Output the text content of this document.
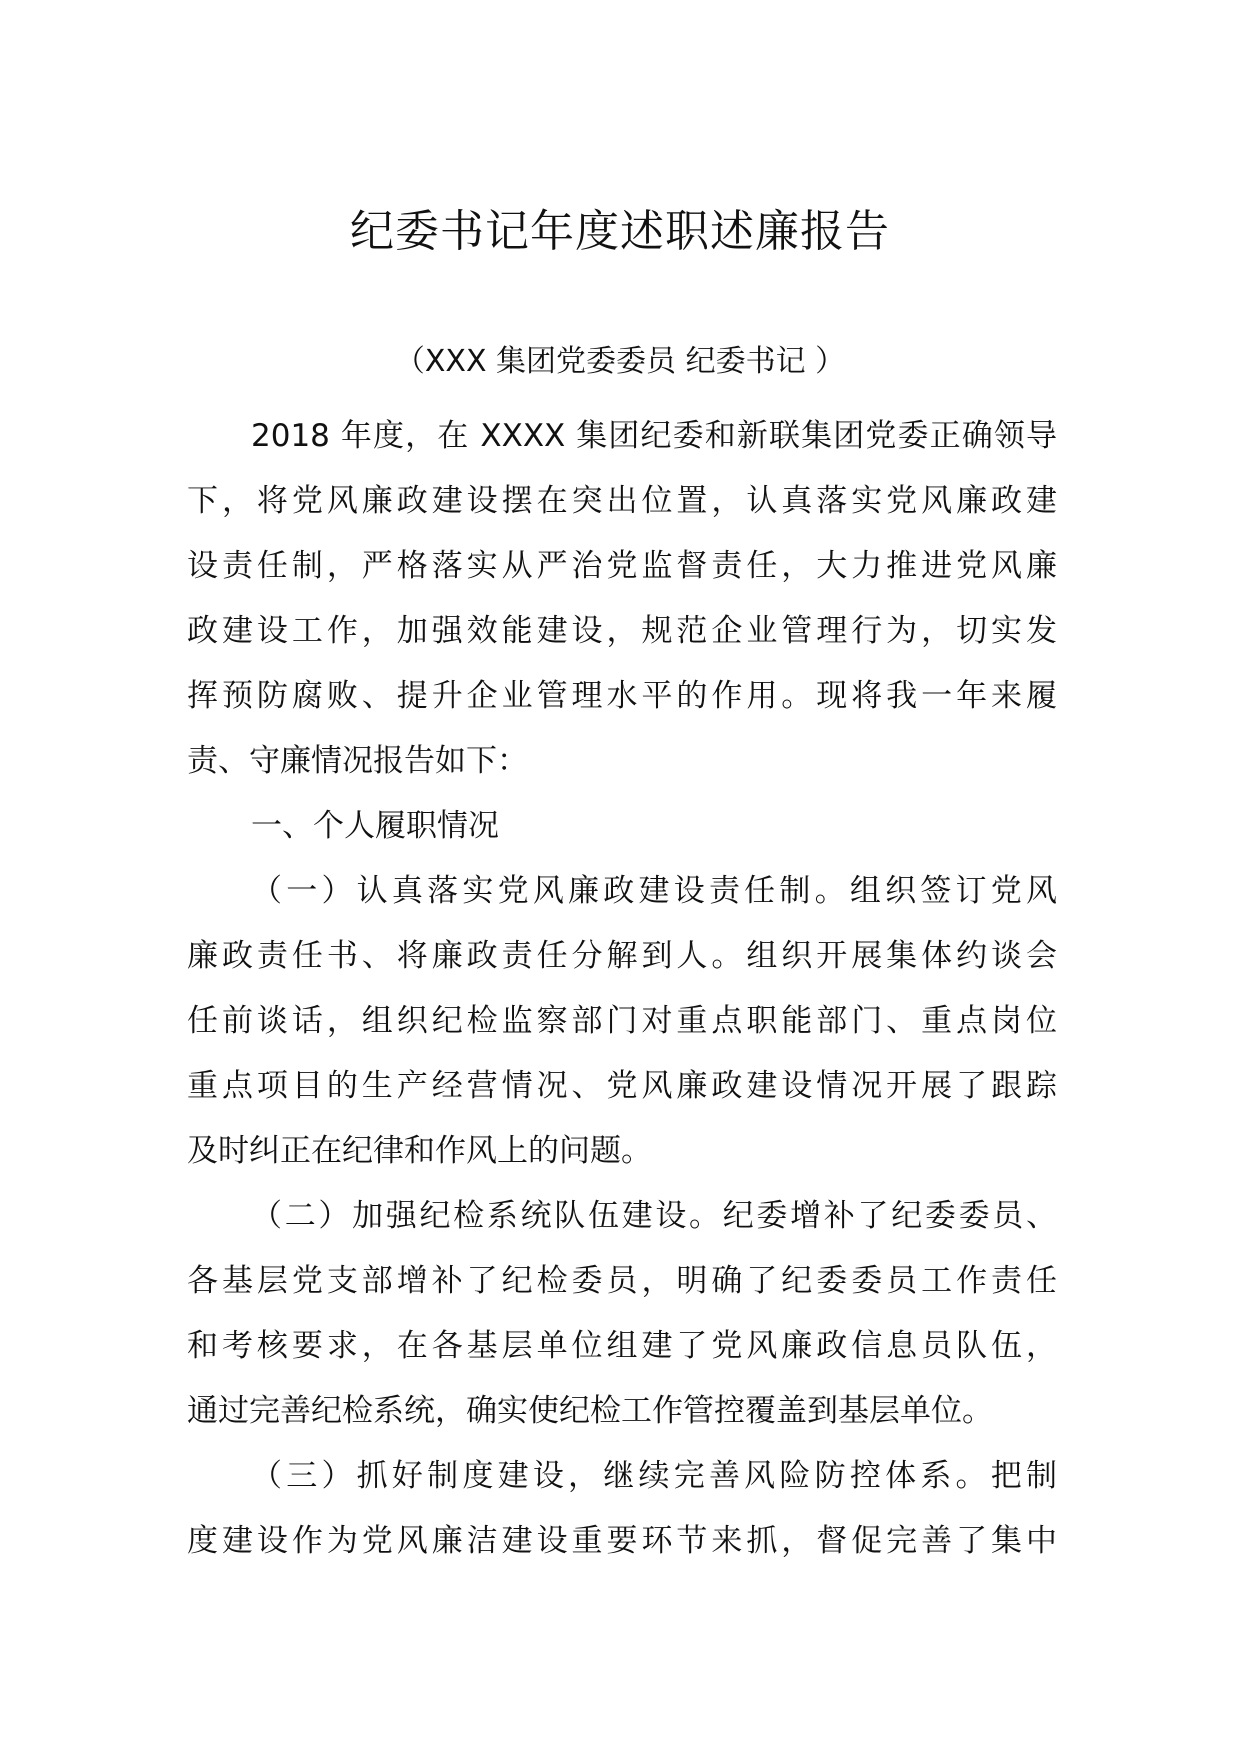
纪委书记年度述职述廉报告

（XXX 集团党委委员 纪委书记 ）

2018 年度，在 XXXX 集团纪委和新联集团党委正确领导
下，将党风廉政建设摆在突出位置，认真落实党风廉政建
设责任制，严格落实从严治党监督责任，大力推进党风廉
政建设工作，加强效能建设，规范企业管理行为，切实发
挥预防腐败、提升企业管理水平的作用。现将我一年来履
责、守廉情况报告如下：
一、个人履职情况
（一）认真落实党风廉政建设责任制。组织签订党风
廉政责任书、将廉政责任分解到人。组织开展集体约谈会
任前谈话，组织纪检监察部门对重点职能部门、重点岗位
重点项目的生产经营情况、党风廉政建设情况开展了跟踪
及时纠正在纪律和作风上的问题。
（二）加强纪检系统队伍建设。纪委增补了纪委委员、
各基层党支部增补了纪检委员，明确了纪委委员工作责任
和考核要求，在各基层单位组建了党风廉政信息员队伍，
通过完善纪检系统，确实使纪检工作管控覆盖到基层单位。
（三）抓好制度建设，继续完善风险防控体系。把制
度建设作为党风廉洁建设重要环节来抓，督促完善了集中
